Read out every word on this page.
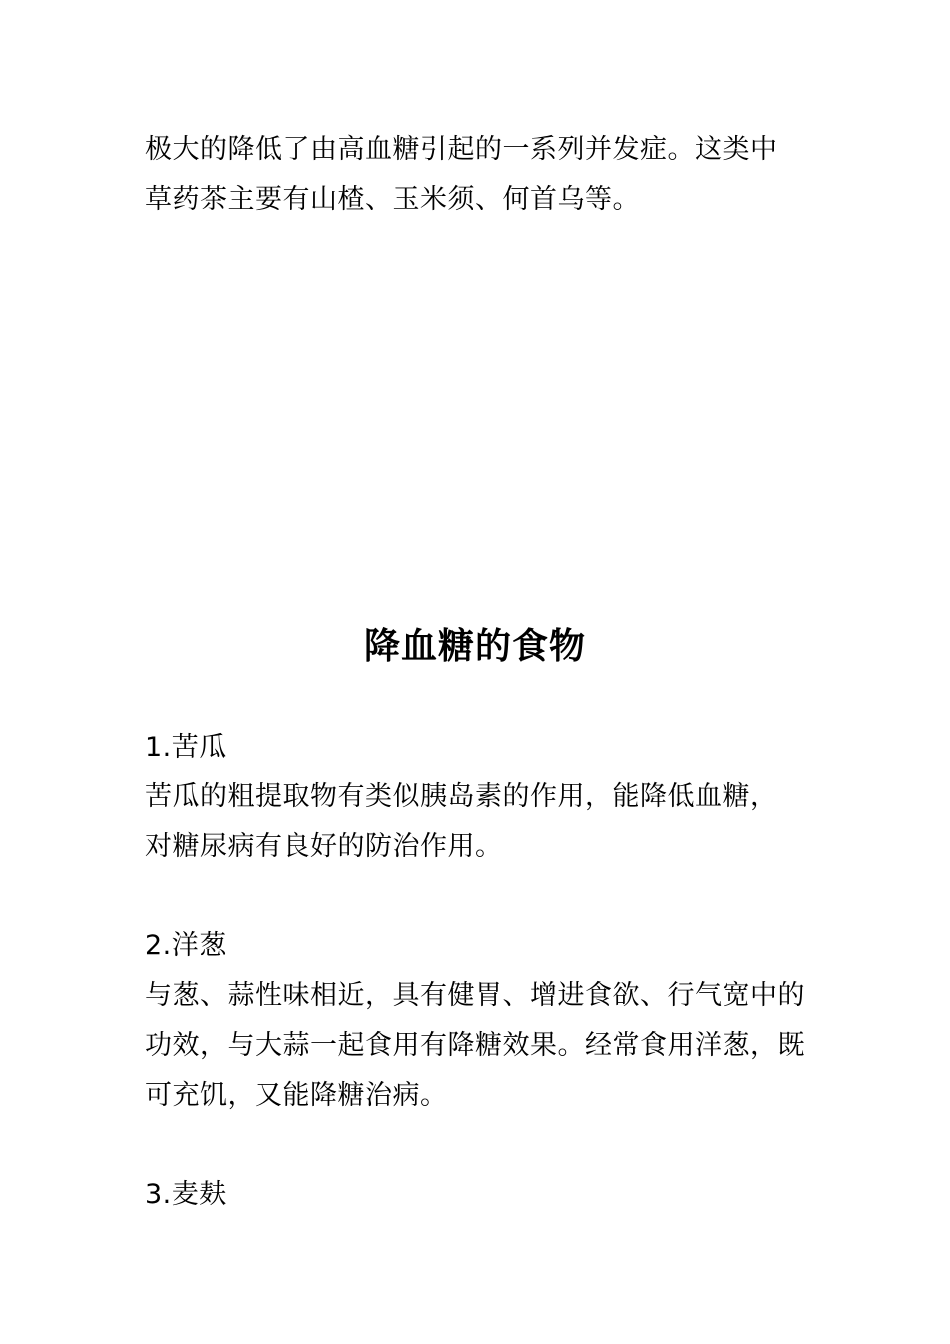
极大的降低了由高血糖引起的一系列并发症。这类中
草药茶主要有山楂、玉米须、何首乌等。
降血糖的食物
1.苦瓜
苦瓜的粗提取物有类似胰岛素的作用，能降低血糖，
对糖尿病有良好的防治作用。
2.洋葱
与葱、蒜性味相近，具有健胃、增进食欲、行气宽中的
功效，与大蒜一起食用有降糖效果。经常食用洋葱，既
可充饥，又能降糖治病。
3.麦麸
